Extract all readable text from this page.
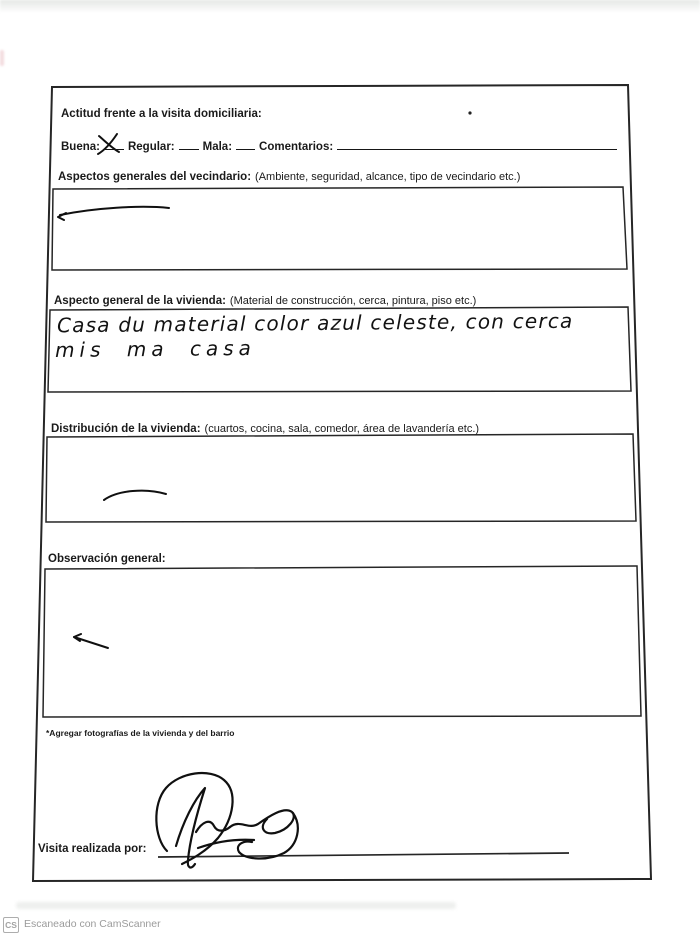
Actitud frente a la visita domiciliaria:
Buena: Regular: Mala: Comentarios:
Aspectos generales del vecindario: (Ambiente, seguridad, alcance, tipo de vecindario etc.)
Aspecto general de la vivienda: (Material de construcción, cerca, pintura, piso etc.)
Casa du material color azul celeste, con cerca
mis ma casa
Distribución de la vivienda: (cuartos, cocina, sala, comedor, área de lavandería etc.)
Observación general:
*Agregar fotografías de la vivienda y del barrio
Visita realizada por:
CS Escaneado con CamScanner
